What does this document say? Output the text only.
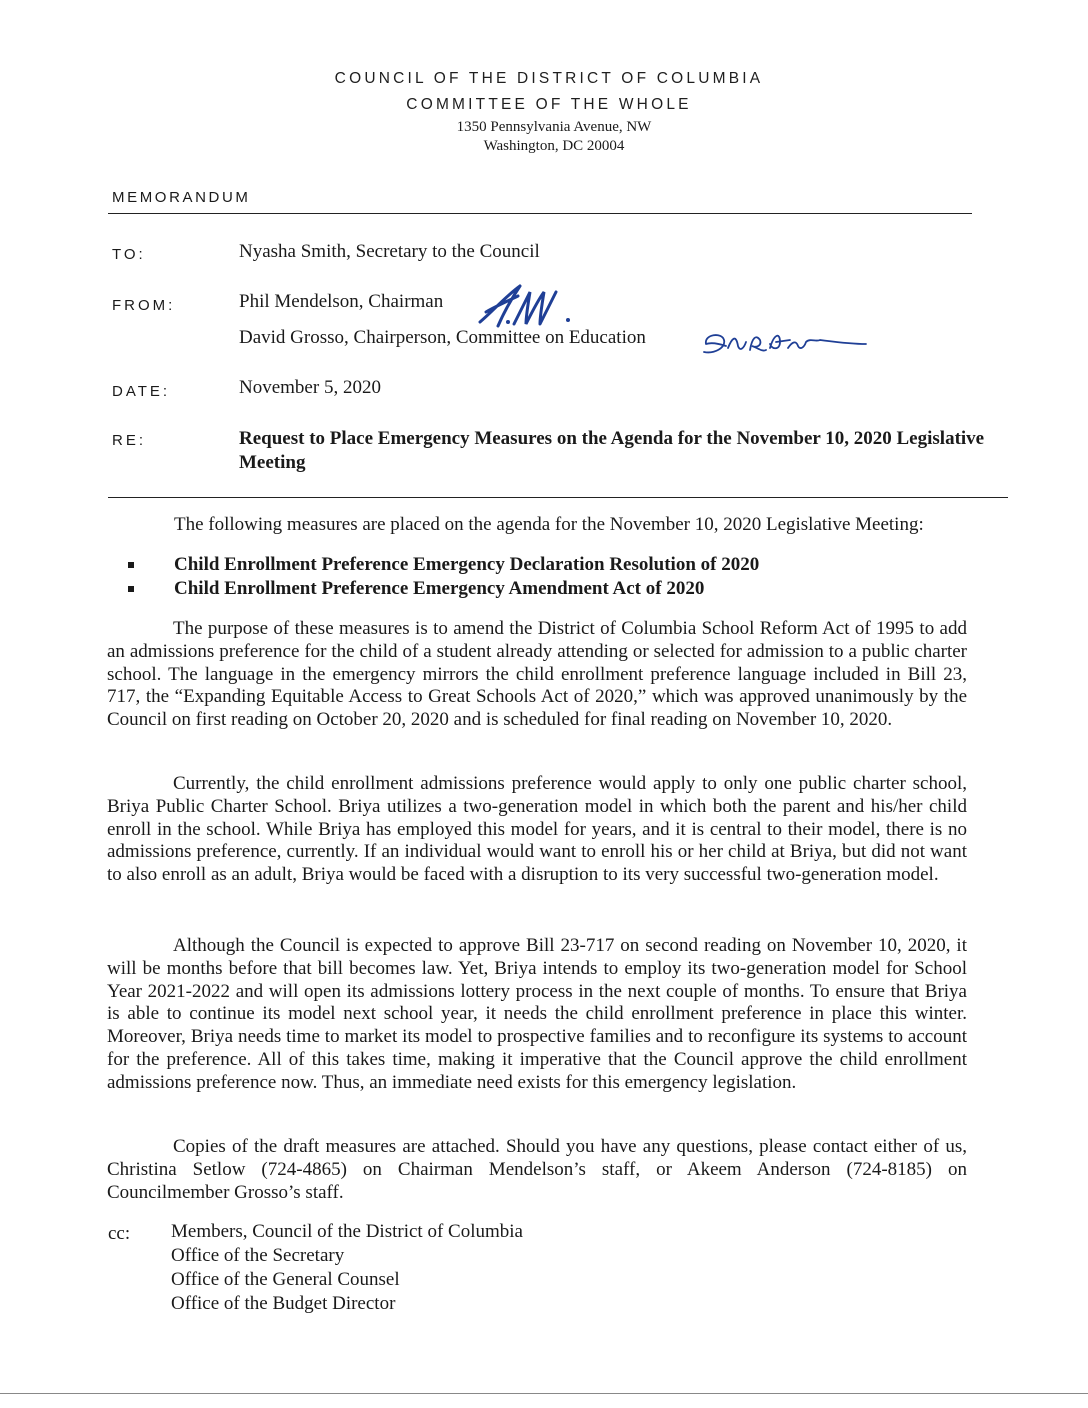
COUNCIL OF THE DISTRICT OF COLUMBIA
COMMITTEE OF THE WHOLE
1350 Pennsylvania Avenue, NW
Washington, DC 20004
MEMORANDUM
TO:	Nyasha Smith, Secretary to the Council
FROM:	Phil Mendelson, Chairman
David Grosso, Chairperson, Committee on Education
DATE:	November 5, 2020
RE:	Request to Place Emergency Measures on the Agenda for the November 10, 2020 Legislative Meeting
The following measures are placed on the agenda for the November 10, 2020 Legislative Meeting:
Child Enrollment Preference Emergency Declaration Resolution of 2020
Child Enrollment Preference Emergency Amendment Act of 2020

The purpose of these measures is to amend the District of Columbia School Reform Act of 1995 to add an admissions preference for the child of a student already attending or selected for admission to a public charter school. The language in the emergency mirrors the child enrollment preference language included in Bill 23, 717, the “Expanding Equitable Access to Great Schools Act of 2020,” which was approved unanimously by the Council on first reading on October 20, 2020 and is scheduled for final reading on November 10, 2020.

Currently, the child enrollment admissions preference would apply to only one public charter school, Briya Public Charter School. Briya utilizes a two-generation model in which both the parent and his/her child enroll in the school. While Briya has employed this model for years, and it is central to their model, there is no admissions preference, currently. If an individual would want to enroll his or her child at Briya, but did not want to also enroll as an adult, Briya would be faced with a disruption to its very successful two-generation model.

Although the Council is expected to approve Bill 23-717 on second reading on November 10, 2020, it will be months before that bill becomes law. Yet, Briya intends to employ its two-generation model for School Year 2021-2022 and will open its admissions lottery process in the next couple of months. To ensure that Briya is able to continue its model next school year, it needs the child enrollment preference in place this winter. Moreover, Briya needs time to market its model to prospective families and to reconfigure its systems to account for the preference. All of this takes time, making it imperative that the Council approve the child enrollment admissions preference now. Thus, an immediate need exists for this emergency legislation.

Copies of the draft measures are attached. Should you have any questions, please contact either of us, Christina Setlow (724-4865) on Chairman Mendelson’s staff, or Akeem Anderson (724-8185) on Councilmember Grosso’s staff.

cc: Members, Council of the District of Columbia
Office of the Secretary
Office of the General Counsel
Office of the Budget Director
